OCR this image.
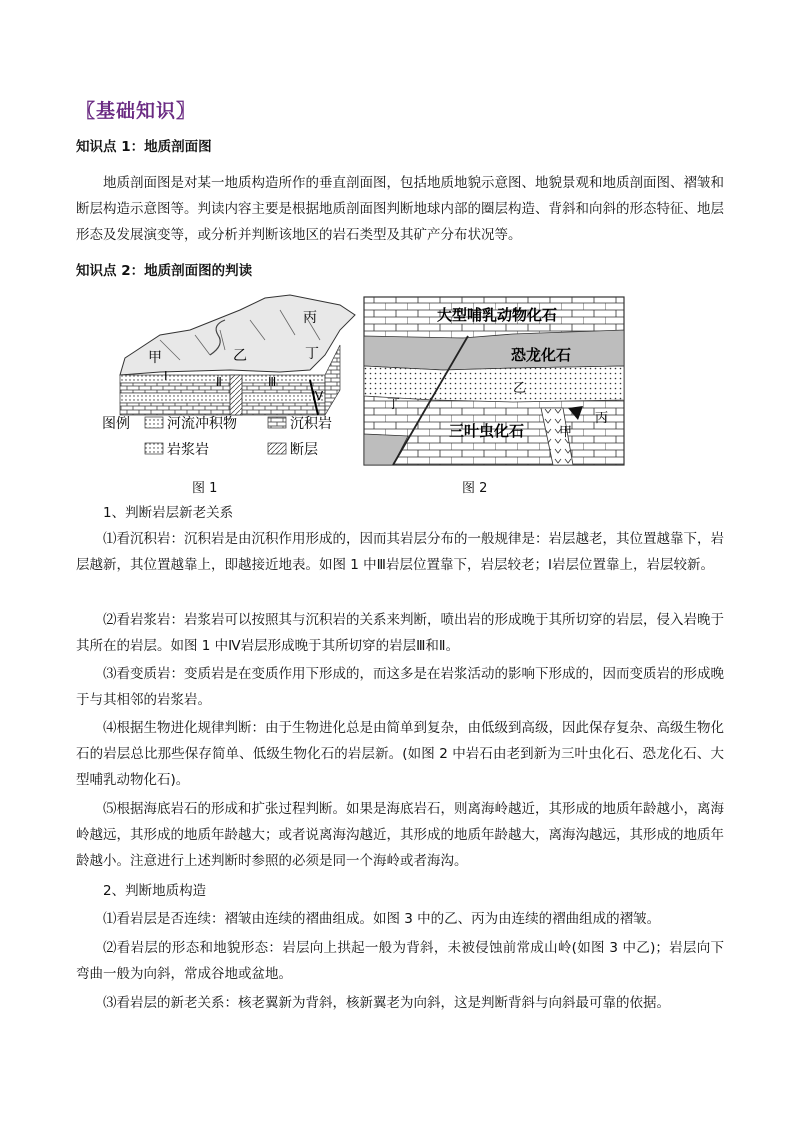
〖基础知识〗
知识点 1：地质剖面图
地质剖面图是对某一地质构造所作的垂直剖面图，包括地质地貌示意图、地貌景观和地质剖面图、褶皱和断层构造示意图等。判读内容主要是根据地质剖面图判断地球内部的圈层构造、背斜和向斜的形态特征、地层形态及发展演变等，或分析并判断该地区的岩石类型及其矿产分布状况等。
知识点 2：地质剖面图的判读
甲	乙
丙
丁
Ⅰ	Ⅱ	Ⅲ
Ⅳ
图例	河流冲积物	沉积岩
岩浆岩	断层
图 1
大型哺乳动物化石
恐龙化石
乙
丁
三叶虫化石	甲
丙
图 2
1、判断岩层新老关系
⑴看沉积岩：沉积岩是由沉积作用形成的，因而其岩层分布的一般规律是：岩层越老，其位置越靠下，岩层越新，其位置越靠上，即越接近地表。如图 1 中Ⅲ岩层位置靠下，岩层较老；Ⅰ岩层位置靠上，岩层较新。
⑵看岩浆岩：岩浆岩可以按照其与沉积岩的关系来判断，喷出岩的形成晚于其所切穿的岩层，侵入岩晚于其所在的岩层。如图 1 中Ⅳ岩层形成晚于其所切穿的岩层Ⅲ和Ⅱ。
⑶看变质岩：变质岩是在变质作用下形成的，而这多是在岩浆活动的影响下形成的，因而变质岩的形成晚于与其相邻的岩浆岩。
⑷根据生物进化规律判断：由于生物进化总是由简单到复杂，由低级到高级，因此保存复杂、高级生物化石的岩层总比那些保存简单、低级生物化石的岩层新。(如图 2 中岩石由老到新为三叶虫化石、恐龙化石、大型哺乳动物化石)。
⑸根据海底岩石的形成和扩张过程判断。如果是海底岩石，则离海岭越近，其形成的地质年龄越小，离海岭越远，其形成的地质年龄越大；或者说离海沟越近，其形成的地质年龄越大，离海沟越远，其形成的地质年龄越小。注意进行上述判断时参照的必须是同一个海岭或者海沟。
2、判断地质构造
⑴看岩层是否连续：褶皱由连续的褶曲组成。如图 3 中的乙、丙为由连续的褶曲组成的褶皱。
⑵看岩层的形态和地貌形态：岩层向上拱起一般为背斜，未被侵蚀前常成山岭(如图 3 中乙)；岩层向下弯曲一般为向斜，常成谷地或盆地。
⑶看岩层的新老关系：核老翼新为背斜，核新翼老为向斜，这是判断背斜与向斜最可靠的依据。
